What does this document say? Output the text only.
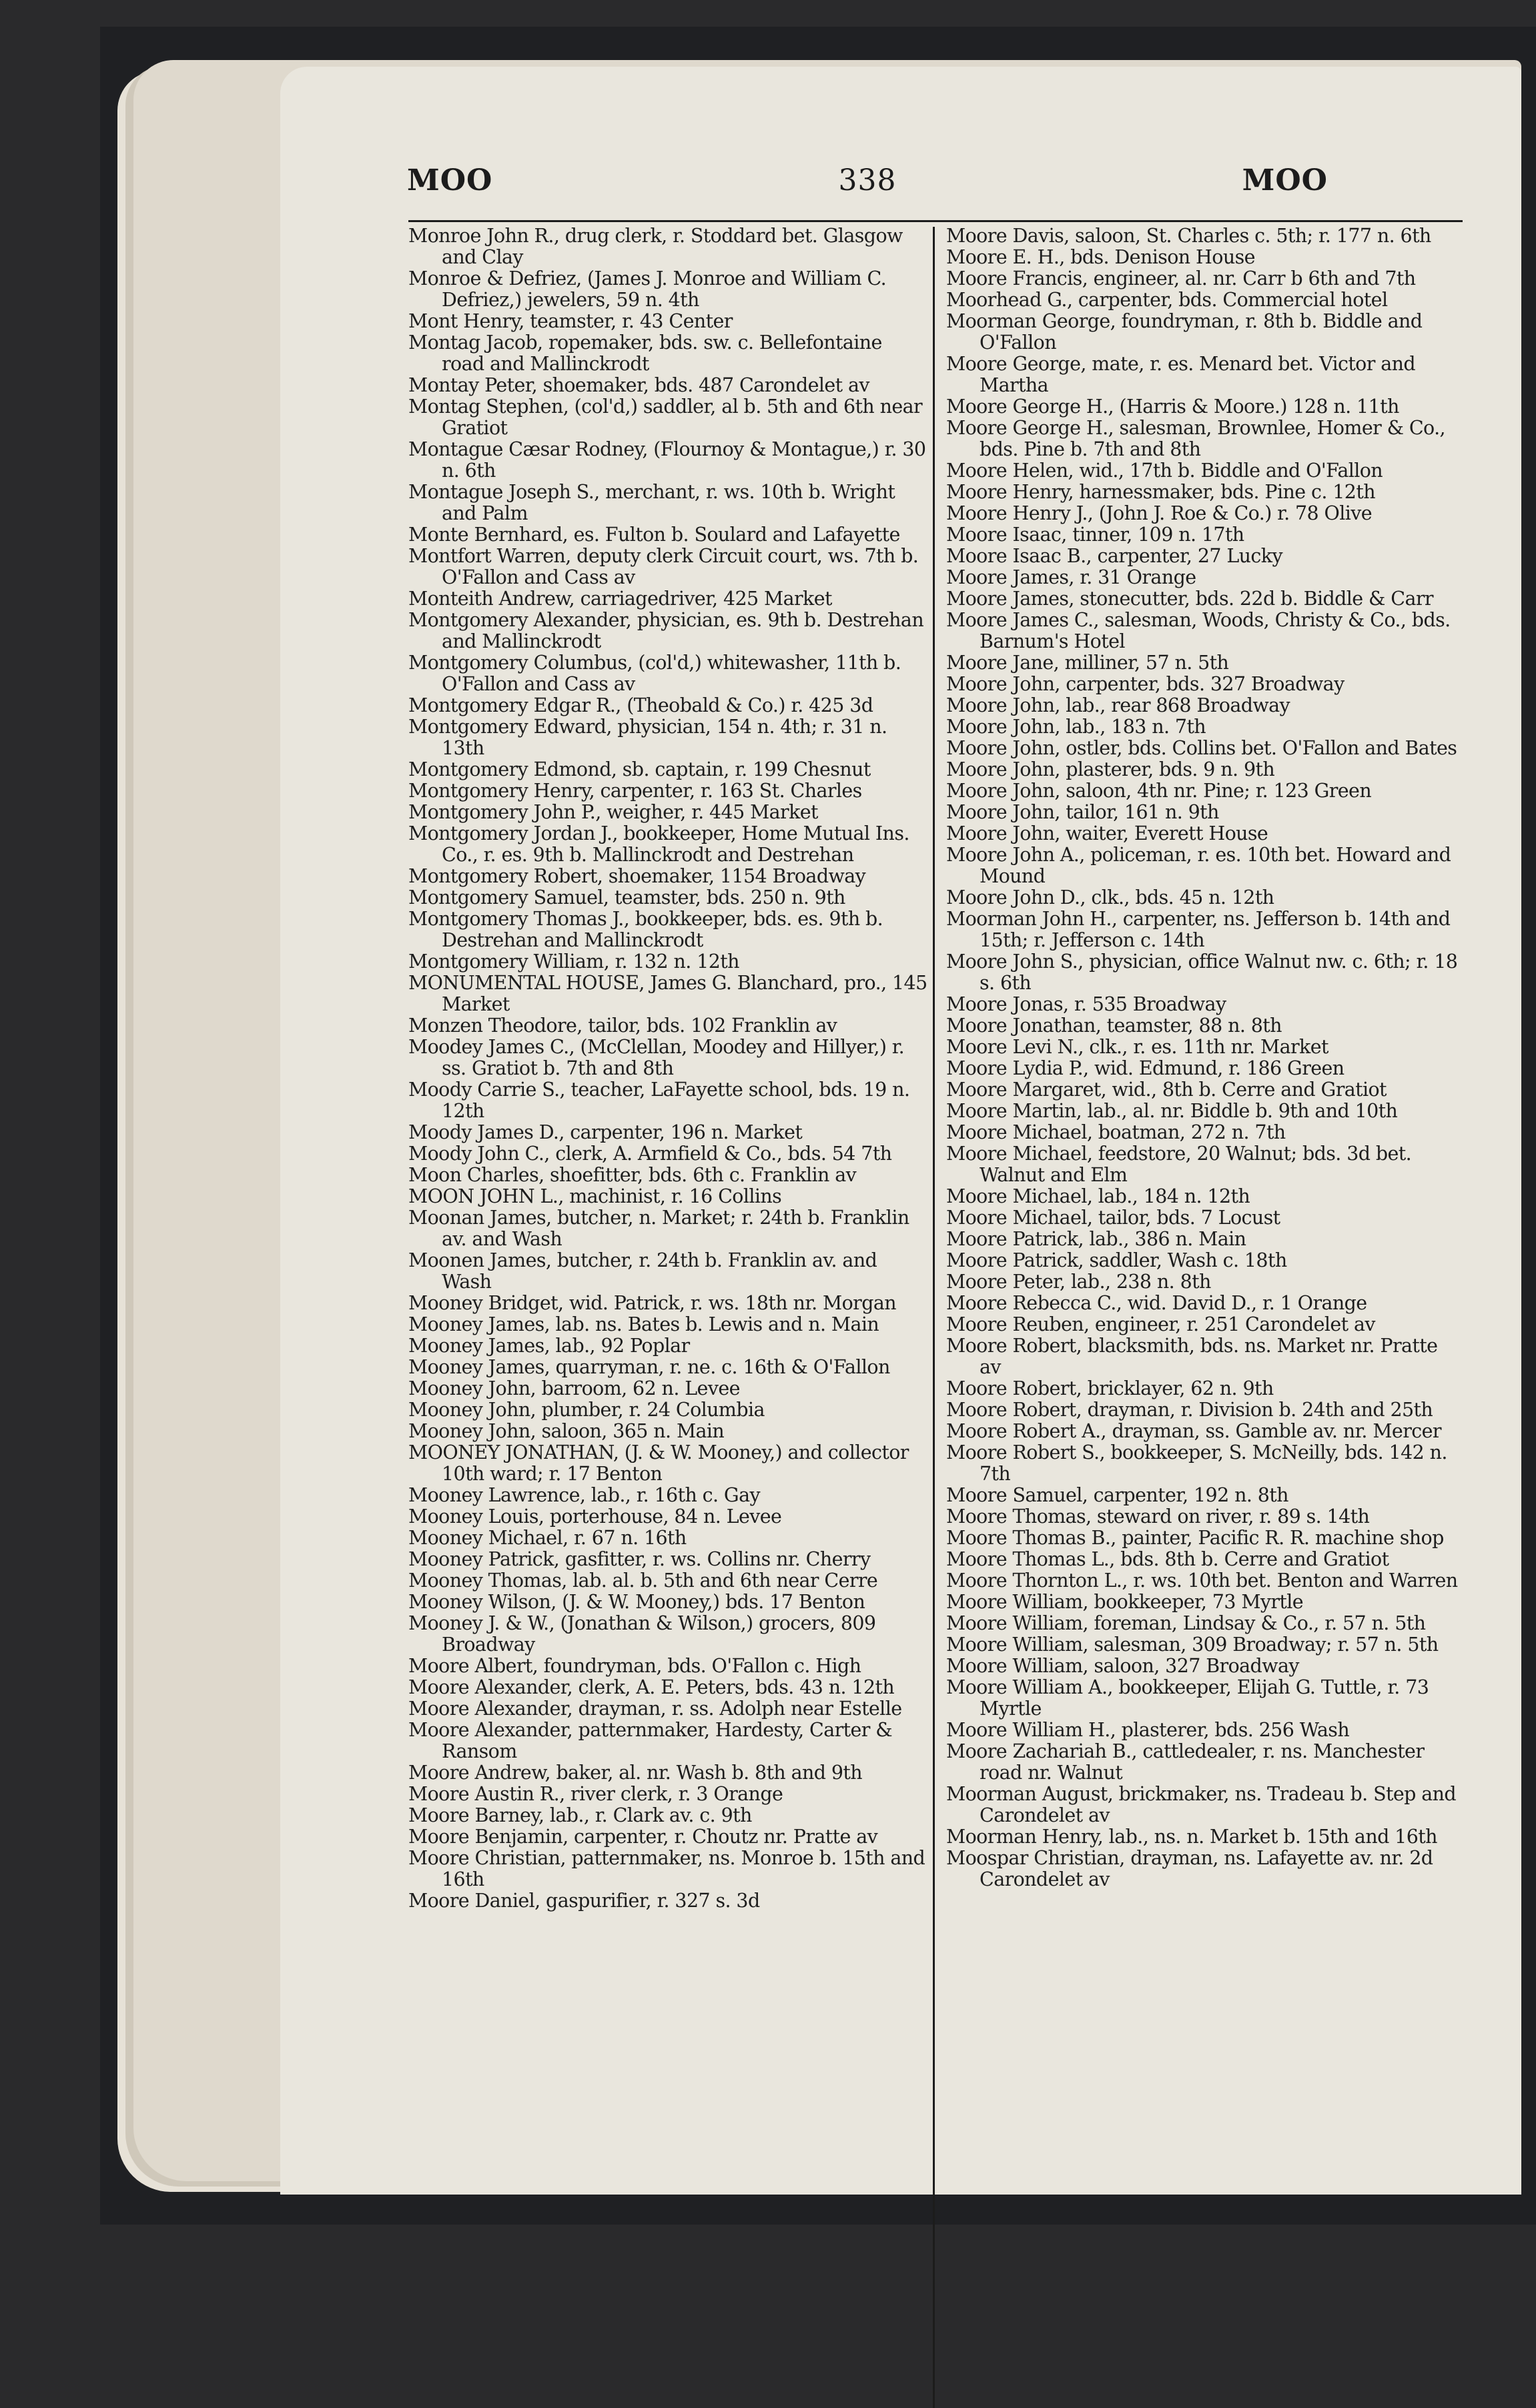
MOO	338	MOO

Monroe John R., drug clerk, r. Stoddard bet. Glasgow and Clay

Monroe & Defriez, (James J. Monroe and William C. Defriez,) jewelers, 59 n. 4th

Mont Henry, teamster, r. 43 Center

Montag Jacob, ropemaker, bds. sw. c. Bellefontaine road and Mallinckrodt

Montay Peter, shoemaker, bds. 487 Carondelet av

Montag Stephen, (col'd,) saddler, al b. 5th and 6th near Gratiot

Montague Cæsar Rodney, (Flournoy & Montague,) r. 30 n. 6th

Montague Joseph S., merchant, r. ws. 10th b. Wright and Palm

Monte Bernhard, es. Fulton b. Soulard and Lafayette

Montfort Warren, deputy clerk Circuit court, ws. 7th b. O'Fallon and Cass av

Monteith Andrew, carriagedriver, 425 Market

Montgomery Alexander, physician, es. 9th b. Destrehan and Mallinckrodt

Montgomery Columbus, (col'd,) whitewasher, 11th b. O'Fallon and Cass av

Montgomery Edgar R., (Theobald & Co.) r. 425 3d

Montgomery Edward, physician, 154 n. 4th; r. 31 n. 13th

Montgomery Edmond, sb. captain, r. 199 Chesnut

Montgomery Henry, carpenter, r. 163 St. Charles

Montgomery John P., weigher, r. 445 Market

Montgomery Jordan J., bookkeeper, Home Mutual Ins. Co., r. es. 9th b. Mallinckrodt and Destrehan

Montgomery Robert, shoemaker, 1154 Broadway

Montgomery Samuel, teamster, bds. 250 n. 9th

Montgomery Thomas J., bookkeeper, bds. es. 9th b. Destrehan and Mallinckrodt

Montgomery William, r. 132 n. 12th

MONUMENTAL HOUSE, James G. Blanchard, pro., 145 Market

Monzen Theodore, tailor, bds. 102 Franklin av

Moodey James C., (McClellan, Moodey and Hillyer,) r. ss. Gratiot b. 7th and 8th

Moody Carrie S., teacher, LaFayette school, bds. 19 n. 12th

Moody James D., carpenter, 196 n. Market

Moody John C., clerk, A. Armfield & Co., bds. 54 7th

Moon Charles, shoefitter, bds. 6th c. Franklin av

MOON JOHN L., machinist, r. 16 Collins

Moonan James, butcher, n. Market; r. 24th b. Franklin av. and Wash

Moonen James, butcher, r. 24th b. Franklin av. and Wash

Mooney Bridget, wid. Patrick, r. ws. 18th nr. Morgan

Mooney James, lab. ns. Bates b. Lewis and n. Main

Mooney James, lab., 92 Poplar

Mooney James, quarryman, r. ne. c. 16th & O'Fallon

Mooney John, barroom, 62 n. Levee

Mooney John, plumber, r. 24 Columbia

Mooney John, saloon, 365 n. Main

MOONEY JONATHAN, (J. & W. Mooney,) and collector 10th ward; r. 17 Benton

Mooney Lawrence, lab., r. 16th c. Gay

Mooney Louis, porterhouse, 84 n. Levee

Mooney Michael, r. 67 n. 16th

Mooney Patrick, gasfitter, r. ws. Collins nr. Cherry

Mooney Thomas, lab. al. b. 5th and 6th near Cerre

Mooney Wilson, (J. & W. Mooney,) bds. 17 Benton

Mooney J. & W., (Jonathan & Wilson,) grocers, 809 Broadway

Moore Albert, foundryman, bds. O'Fallon c. High

Moore Alexander, clerk, A. E. Peters, bds. 43 n. 12th

Moore Alexander, drayman, r. ss. Adolph near Estelle

Moore Alexander, patternmaker, Hardesty, Carter & Ransom

Moore Andrew, baker, al. nr. Wash b. 8th and 9th

Moore Austin R., river clerk, r. 3 Orange

Moore Barney, lab., r. Clark av. c. 9th

Moore Benjamin, carpenter, r. Choutz nr. Pratte av

Moore Christian, patternmaker, ns. Monroe b. 15th and 16th

Moore Daniel, gaspurifier, r. 327 s. 3d

Moore Davis, saloon, St. Charles c. 5th; r. 177 n. 6th

Moore E. H., bds. Denison House

Moore Francis, engineer, al. nr. Carr b 6th and 7th

Moorhead G., carpenter, bds. Commercial hotel

Moorman George, foundryman, r. 8th b. Biddle and O'Fallon

Moore George, mate, r. es. Menard bet. Victor and Martha

Moore George H., (Harris & Moore.) 128 n. 11th

Moore George H., salesman, Brownlee, Homer & Co., bds. Pine b. 7th and 8th

Moore Helen, wid., 17th b. Biddle and O'Fallon

Moore Henry, harnessmaker, bds. Pine c. 12th

Moore Henry J., (John J. Roe & Co.) r. 78 Olive

Moore Isaac, tinner, 109 n. 17th

Moore Isaac B., carpenter, 27 Lucky

Moore James, r. 31 Orange

Moore James, stonecutter, bds. 22d b. Biddle & Carr

Moore James C., salesman, Woods, Christy & Co., bds. Barnum's Hotel

Moore Jane, milliner, 57 n. 5th

Moore John, carpenter, bds. 327 Broadway

Moore John, lab., rear 868 Broadway

Moore John, lab., 183 n. 7th

Moore John, ostler, bds. Collins bet. O'Fallon and Bates

Moore John, plasterer, bds. 9 n. 9th

Moore John, saloon, 4th nr. Pine; r. 123 Green

Moore John, tailor, 161 n. 9th

Moore John, waiter, Everett House

Moore John A., policeman, r. es. 10th bet. Howard and Mound

Moore John D., clk., bds. 45 n. 12th

Moorman John H., carpenter, ns. Jefferson b. 14th and 15th; r. Jefferson c. 14th

Moore John S., physician, office Walnut nw. c. 6th; r. 18 s. 6th

Moore Jonas, r. 535 Broadway

Moore Jonathan, teamster, 88 n. 8th

Moore Levi N., clk., r. es. 11th nr. Market

Moore Lydia P., wid. Edmund, r. 186 Green

Moore Margaret, wid., 8th b. Cerre and Gratiot

Moore Martin, lab., al. nr. Biddle b. 9th and 10th

Moore Michael, boatman, 272 n. 7th

Moore Michael, feedstore, 20 Walnut; bds. 3d bet. Walnut and Elm

Moore Michael, lab., 184 n. 12th

Moore Michael, tailor, bds. 7 Locust

Moore Patrick, lab., 386 n. Main

Moore Patrick, saddler, Wash c. 18th

Moore Peter, lab., 238 n. 8th

Moore Rebecca C., wid. David D., r. 1 Orange

Moore Reuben, engineer, r. 251 Carondelet av

Moore Robert, blacksmith, bds. ns. Market nr. Pratte av

Moore Robert, bricklayer, 62 n. 9th

Moore Robert, drayman, r. Division b. 24th and 25th

Moore Robert A., drayman, ss. Gamble av. nr. Mercer

Moore Robert S., bookkeeper, S. McNeilly, bds. 142 n. 7th

Moore Samuel, carpenter, 192 n. 8th

Moore Thomas, steward on river, r. 89 s. 14th

Moore Thomas B., painter, Pacific R. R. machine shop

Moore Thomas L., bds. 8th b. Cerre and Gratiot

Moore Thornton L., r. ws. 10th bet. Benton and Warren

Moore William, bookkeeper, 73 Myrtle

Moore William, foreman, Lindsay & Co., r. 57 n. 5th

Moore William, salesman, 309 Broadway; r. 57 n. 5th

Moore William, saloon, 327 Broadway

Moore William A., bookkeeper, Elijah G. Tuttle, r. 73 Myrtle

Moore William H., plasterer, bds. 256 Wash

Moore Zachariah B., cattledealer, r. ns. Manchester road nr. Walnut

Moorman August, brickmaker, ns. Tradeau b. Step and Carondelet av

Moorman Henry, lab., ns. n. Market b. 15th and 16th

Moospar Christian, drayman, ns. Lafayette av. nr. 2d Carondelet av
